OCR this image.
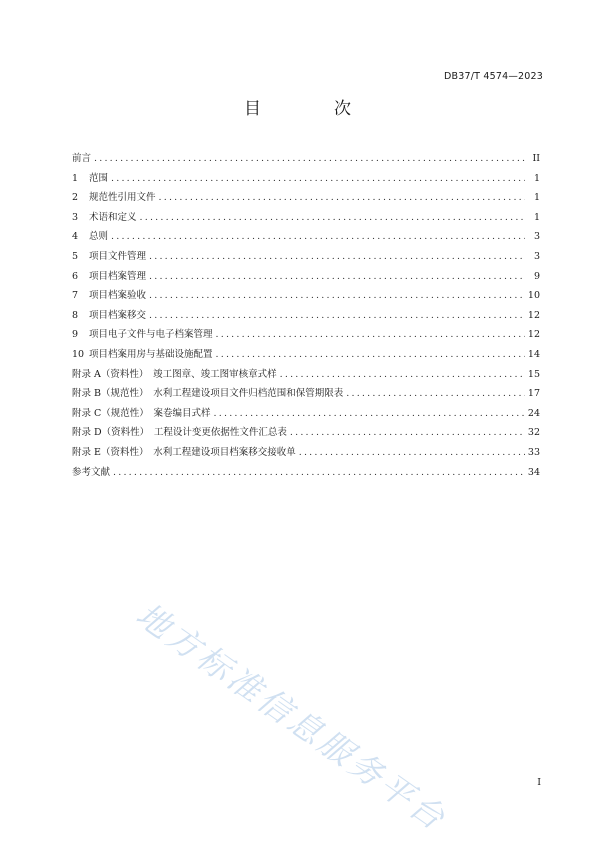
DB37/T 4574—2023
目　次
前言 .....	II
1	范围 .....	1
2	规范性引用文件 .....	1
3	术语和定义 .....	1
4	总则 .....	3
5	项目文件管理 .....	3
6	项目档案管理 .....	9
7	项目档案验收 .....	10
8	项目档案移交 .....	12
9	项目电子文件与电子档案管理 .....	12
10 项目档案用房与基础设施配置 .....	14
附录 A（资料性）　竣工图章、竣工图审核章式样 .....	15
附录 B（规范性）　水利工程建设项目文件归档范围和保管期限表 .....	17
附录 C（规范性）　案卷编目式样 .....	24
附录 D（资料性）　工程设计变更依据性文件汇总表 .....	32
附录 E（资料性）　水利工程建设项目档案移交接收单 .....	33
参考文献 .....	34
地方标准信息服务平台	I
